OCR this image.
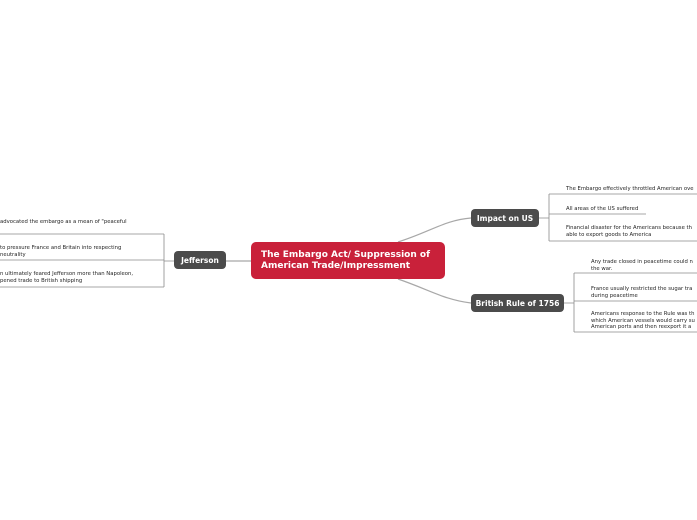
The Embargo Act/ Suppression of
American Trade/Impressment
Jefferson
Impact on US
British Rule of 1756
advocated the embargo as a mean of "peaceful
to pressure France and Britain into respecting
neutrality
n ultimately feared Jefferson more than Napoleon,
pened trade to British shipping
The Embargo effectively throttled American ove
All areas of the US suffered
Financial disaster for the Americans because th
able to export goods to America
Any trade closed in peacetime could n
the war.
France usually restricted the sugar tra
during peacetime
Americans response to the Rule was th
which American vessels would carry su
American ports and then reexport it a
